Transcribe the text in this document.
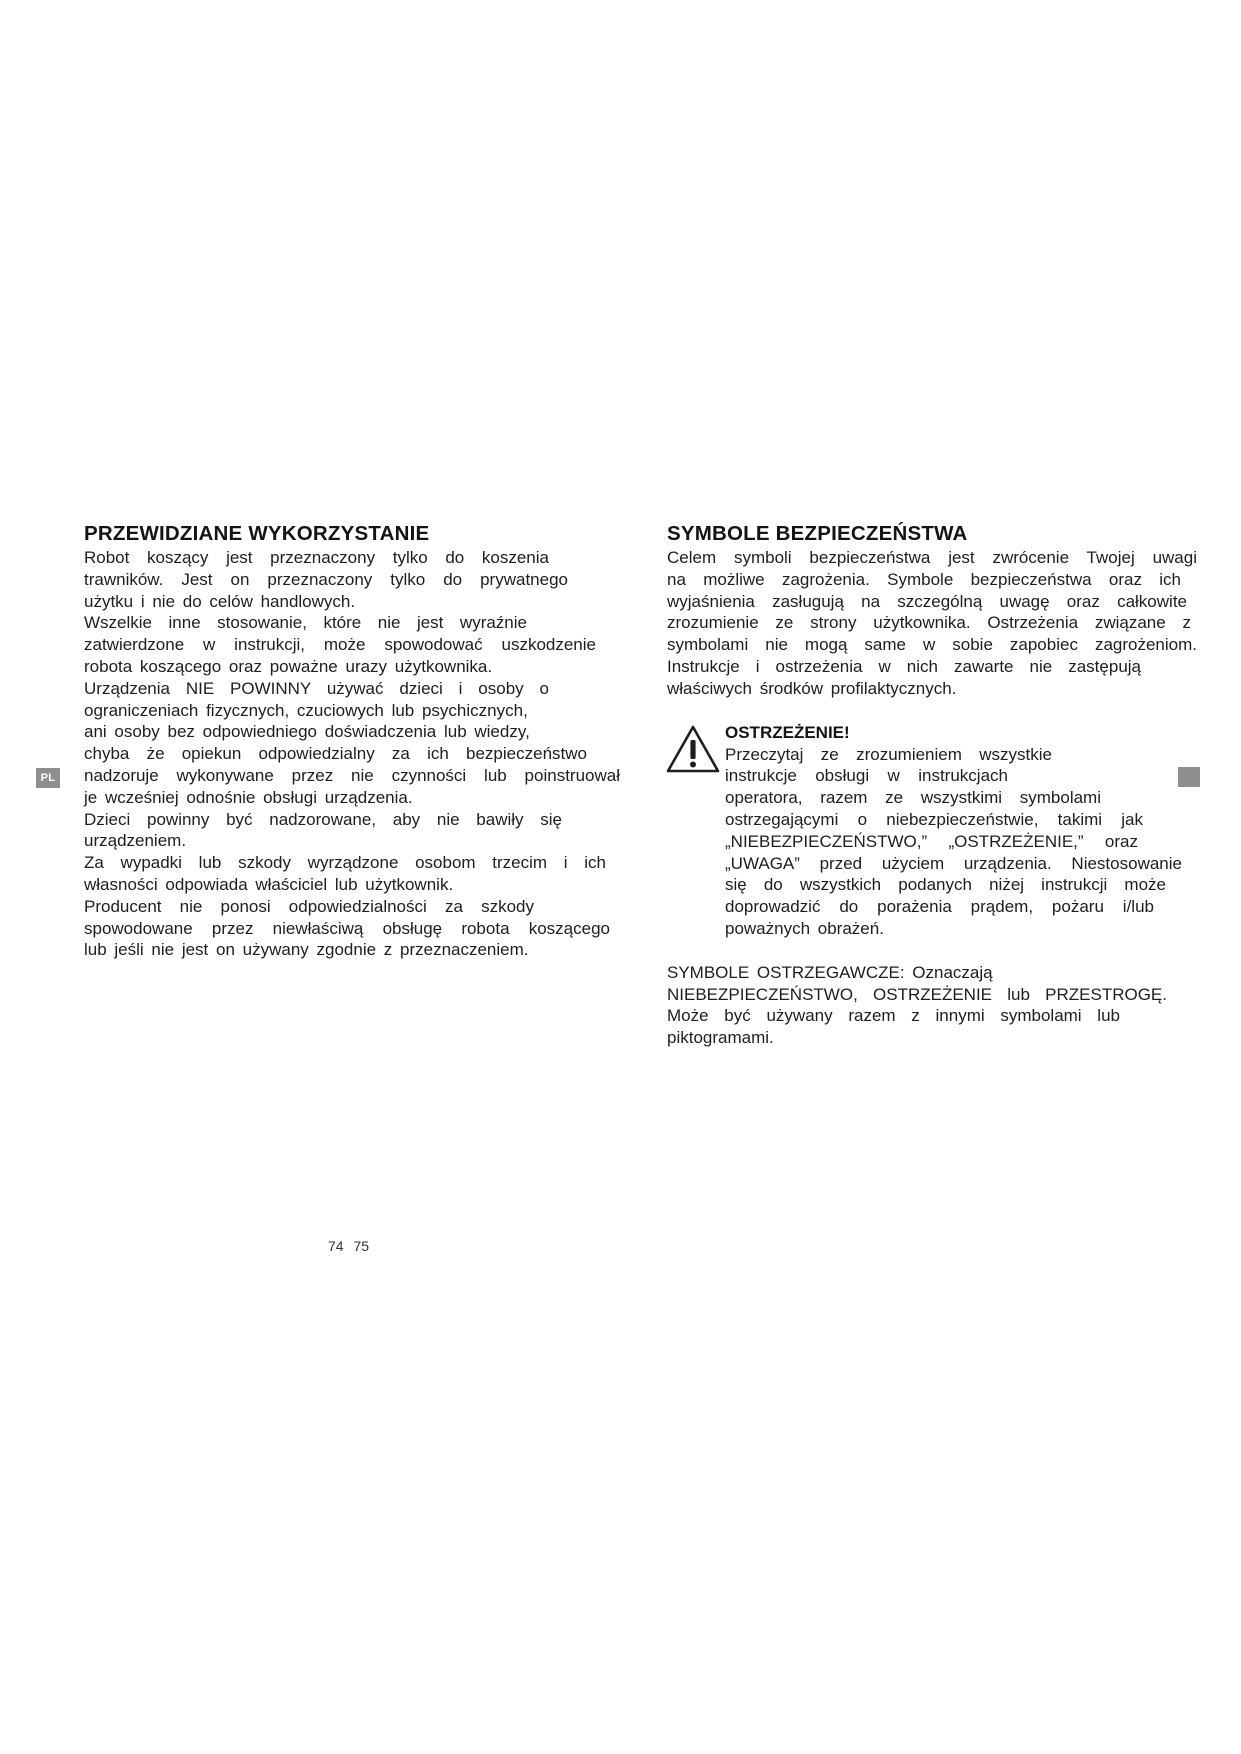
PL
PRZEWIDZIANE WYKORZYSTANIE

Robot koszący jest przeznaczony tylko do koszenia
trawników. Jest on przeznaczony tylko do prywatnego
użytku i nie do celów handlowych.
Wszelkie inne stosowanie, które nie jest wyraźnie
zatwierdzone w instrukcji, może spowodować uszkodzenie
robota koszącego oraz poważne urazy użytkownika.
Urządzenia NIE POWINNY używać dzieci i osoby o
ograniczeniach fizycznych, czuciowych lub psychicznych,
ani osoby bez odpowiedniego doświadczenia lub wiedzy,
chyba że opiekun odpowiedzialny za ich bezpieczeństwo
nadzoruje wykonywane przez nie czynności lub poinstruował
je wcześniej odnośnie obsługi urządzenia.
Dzieci powinny być nadzorowane, aby nie bawiły się
urządzeniem.
Za wypadki lub szkody wyrządzone osobom trzecim i ich
własności odpowiada właściciel lub użytkownik.
Producent nie ponosi odpowiedzialności za szkody
spowodowane przez niewłaściwą obsługę robota koszącego
lub jeśli nie jest on używany zgodnie z przeznaczeniem.

SYMBOLE BEZPIECZEŃSTWA

Celem symboli bezpieczeństwa jest zwrócenie Twojej uwagi
na możliwe zagrożenia. Symbole bezpieczeństwa oraz ich
wyjaśnienia zasługują na szczególną uwagę oraz całkowite
zrozumienie ze strony użytkownika. Ostrzeżenia związane z
symbolami nie mogą same w sobie zapobiec zagrożeniom.
Instrukcje i ostrzeżenia w nich zawarte nie zastępują
właściwych środków profilaktycznych.

OSTRZEŻENIE!

Przeczytaj ze zrozumieniem wszystkie
instrukcje obsługi w instrukcjach
operatora, razem ze wszystkimi symbolami
ostrzegającymi o niebezpieczeństwie, takimi jak
„NIEBEZPIECZEŃSTWO,” „OSTRZEŻENIE,” oraz
„UWAGA” przed użyciem urządzenia. Niestosowanie
się do wszystkich podanych niżej instrukcji może
doprowadzić do porażenia prądem, pożaru i/lub
poważnych obrażeń.

SYMBOLE OSTRZEGAWCZE: Oznaczają
NIEBEZPIECZEŃSTWO, OSTRZEŻENIE lub PRZESTROGĘ.
Może być używany razem z innymi symbolami lub
piktogramami.

74 75
